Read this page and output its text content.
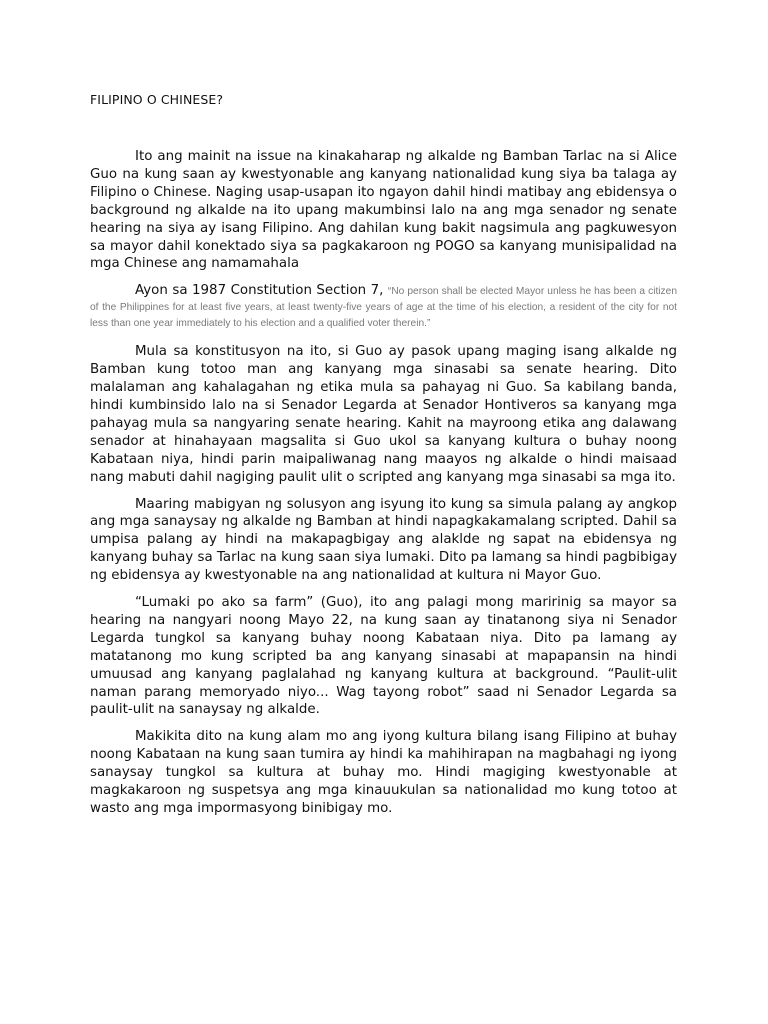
FILIPINO O CHINESE?

Ito ang mainit na issue na kinakaharap ng alkalde ng Bamban Tarlac na si Alice Guo na kung saan ay kwestyonable ang kanyang nationalidad kung siya ba talaga ay Filipino o Chinese. Naging usap-usapan ito ngayon dahil hindi matibay ang ebidensya o background ng alkalde na ito upang makumbinsi lalo na ang mga senador ng senate hearing na siya ay isang Filipino. Ang dahilan kung bakit nagsimula ang pagkuwesyon sa mayor dahil konektado siya sa pagkakaroon ng POGO sa kanyang munisipalidad na mga Chinese ang namamahala

Ayon sa 1987 Constitution Section 7, “No person shall be elected Mayor unless he has been a citizen of the Philippines for at least five years, at least twenty-five years of age at the time of his election, a resident of the city for not less than one year immediately to his election and a qualified voter therein.”

Mula sa konstitusyon na ito, si Guo ay pasok upang maging isang alkalde ng Bamban kung totoo man ang kanyang mga sinasabi sa senate hearing. Dito malalaman ang kahalagahan ng etika mula sa pahayag ni Guo. Sa kabilang banda, hindi kumbinsido lalo na si Senador Legarda at Senador Hontiveros sa kanyang mga pahayag mula sa nangyaring senate hearing. Kahit na mayroong etika ang dalawang senador at hinahayaan magsalita si Guo ukol sa kanyang kultura o buhay noong Kabataan niya, hindi parin maipaliwanag nang maayos ng alkalde o hindi maisaad nang mabuti dahil nagiging paulit ulit o scripted ang kanyang mga sinasabi sa mga ito.

Maaring mabigyan ng solusyon ang isyung ito kung sa simula palang ay angkop ang mga sanaysay ng alkalde ng Bamban at hindi napagkakamalang scripted. Dahil sa umpisa palang ay hindi na makapagbigay ang alaklde ng sapat na ebidensya ng kanyang buhay sa Tarlac na kung saan siya lumaki. Dito pa lamang sa hindi pagbibigay ng ebidensya ay kwestyonable na ang nationalidad at kultura ni Mayor Guo.

“Lumaki po ako sa farm” (Guo), ito ang palagi mong maririnig sa mayor sa hearing na nangyari noong Mayo 22, na kung saan ay tinatanong siya ni Senador Legarda tungkol sa kanyang buhay noong Kabataan niya. Dito pa lamang ay matatanong mo kung scripted ba ang kanyang sinasabi at mapapansin na hindi umuusad ang kanyang paglalahad ng kanyang kultura at background. “Paulit-ulit naman parang memoryado niyo... Wag tayong robot” saad ni Senador Legarda sa paulit-ulit na sanaysay ng alkalde.

Makikita dito na kung alam mo ang iyong kultura bilang isang Filipino at buhay noong Kabataan na kung saan tumira ay hindi ka mahihirapan na magbahagi ng iyong sanaysay tungkol sa kultura at buhay mo. Hindi magiging kwestyonable at magkakaroon ng suspetsya ang mga kinauukulan sa nationalidad mo kung totoo at wasto ang mga impormasyong binibigay mo.
